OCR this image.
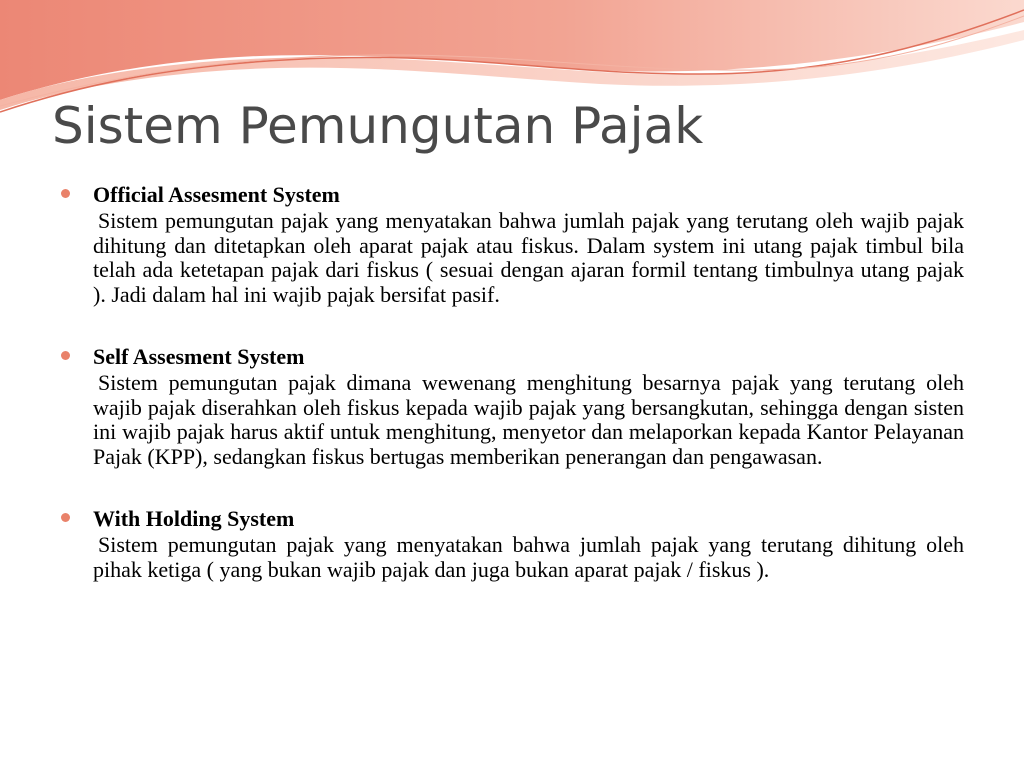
Sistem Pemungutan Pajak

Official Assesment System

Sistem pemungutan pajak yang menyatakan bahwa jumlah pajak yang terutang oleh wajib pajak dihitung dan ditetapkan oleh aparat pajak atau fiskus. Dalam system ini utang pajak timbul bila telah ada ketetapan pajak dari fiskus ( sesuai dengan ajaran formil tentang timbulnya utang pajak ). Jadi dalam hal ini wajib pajak bersifat pasif.

Self Assesment System

Sistem pemungutan pajak dimana wewenang menghitung besarnya pajak yang terutang oleh wajib pajak diserahkan oleh fiskus kepada wajib pajak yang bersangkutan, sehingga dengan sisten ini wajib pajak harus aktif untuk menghitung, menyetor dan melaporkan kepada Kantor Pelayanan Pajak (KPP), sedangkan fiskus bertugas memberikan penerangan dan pengawasan.

With Holding System

Sistem pemungutan pajak yang menyatakan bahwa jumlah pajak yang terutang dihitung oleh pihak ketiga ( yang bukan wajib pajak dan juga bukan aparat pajak / fiskus ).
